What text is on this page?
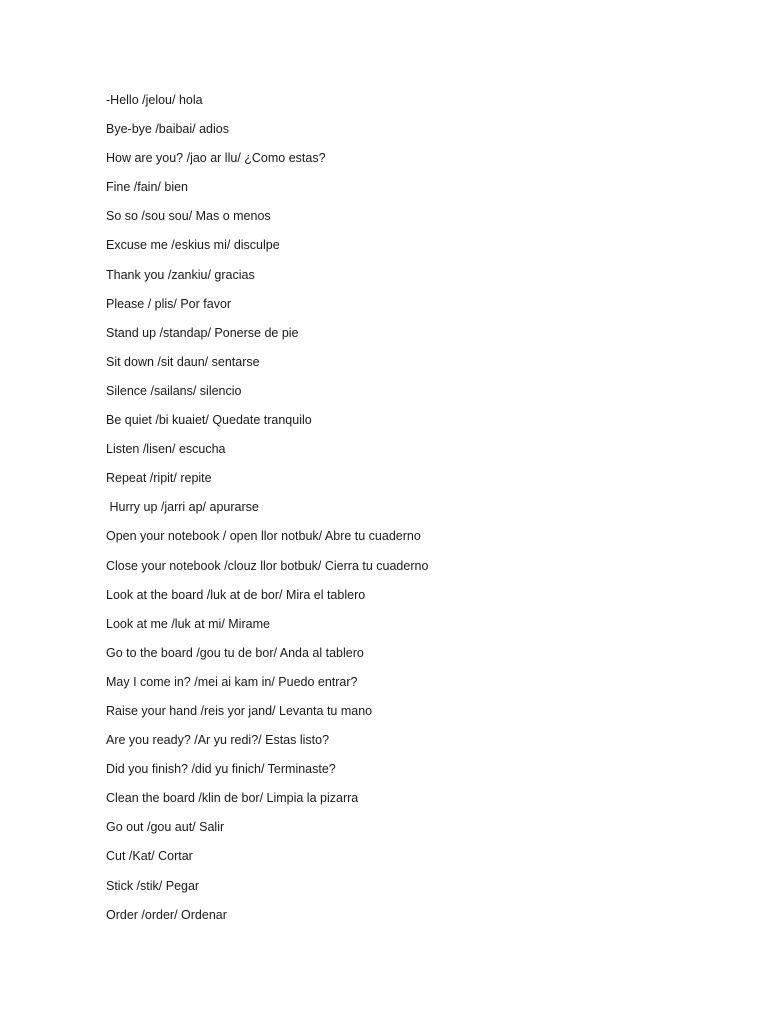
-Hello /jelou/ hola
Bye-bye /baibai/ adios
How are you? /jao ar llu/ ¿Como estas?
Fine /fain/ bien
So so /sou sou/ Mas o menos
Excuse me /eskius mi/ disculpe
Thank you /zankiu/ gracias
Please / plis/ Por favor
Stand up /standap/ Ponerse de pie
Sit down /sit daun/ sentarse
Silence /sailans/ silencio
Be quiet /bi kuaiet/ Quedate tranquilo
Listen /lisen/ escucha
Repeat /ripit/ repite
Hurry up /jarri ap/ apurarse
Open your notebook / open llor notbuk/ Abre tu cuaderno
Close your notebook /clouz llor botbuk/ Cierra tu cuaderno
Look at the board /luk at de bor/ Mira el tablero
Look at me /luk at mi/ Mirame
Go to the board /gou tu de bor/ Anda al tablero
May I come in? /mei ai kam in/ Puedo entrar?
Raise your hand /reis yor jand/ Levanta tu mano
Are you ready? /Ar yu redi?/ Estas listo?
Did you finish? /did yu finich/ Terminaste?
Clean the board /klin de bor/ Limpia la pizarra
Go out /gou aut/ Salir
Cut /Kat/ Cortar
Stick /stik/ Pegar
Order /order/ Ordenar
